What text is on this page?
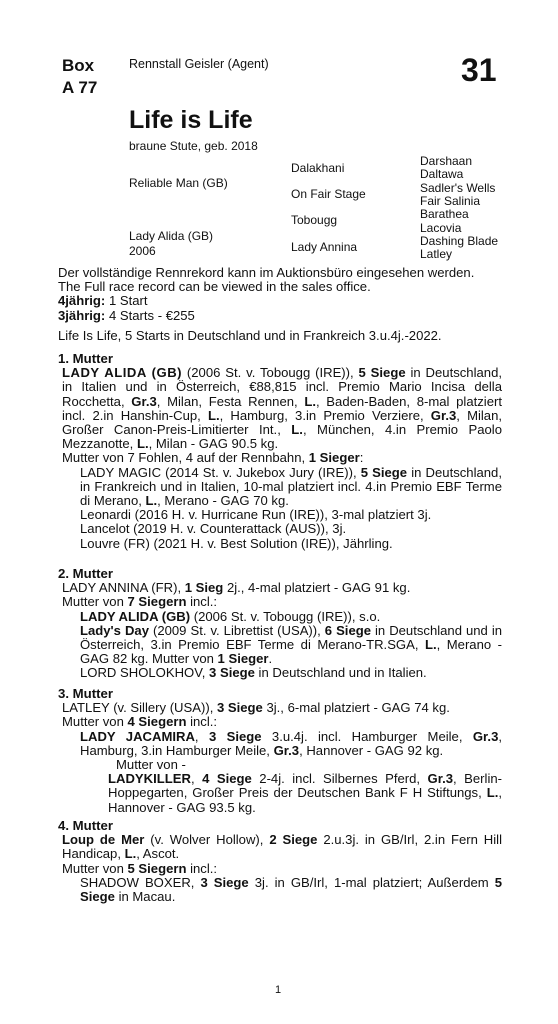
Box
A 77
Rennstall Geisler (Agent)	31
Life is Life
braune Stute, geb. 2018
Reliable Man (GB)
Lady Alida (GB)
2006
Dalakhani
On Fair Stage
Tobougg
Lady Annina
Darshaan
Daltawa
Sadler's Wells
Fair Salinia
Barathea
Lacovia
Dashing Blade
Latley

Der vollständige Rennrekord kann im Auktionsbüro eingesehen werden.

The Full race record can be viewed in the sales office.

4jährig: 1 Start

3jährig: 4 Starts - €255

Life Is Life, 5 Starts in Deutschland und in Frankreich 3.u.4j.-2022.

1. Mutter

LADY ALIDA (GB) (2006 St. v. Tobougg (IRE)), 5 Siege in Deutschland, in Italien und in Österreich, €88,815 incl. Premio Mario Incisa della Rocchetta, Gr.3, Milan, Festa Rennen, L., Baden-Baden, 8-mal platziert incl. 2.in Hanshin-Cup, L., Hamburg, 3.in Premio Verziere, Gr.3, Milan, Großer Canon-Preis-Limitierter Int., L., München, 4.in Premio Paolo Mezzanotte, L., Milan - GAG 90.5 kg.

Mutter von 7 Fohlen, 4 auf der Rennbahn, 1 Sieger:

LADY MAGIC (2014 St. v. Jukebox Jury (IRE)), 5 Siege in Deutschland, in Frankreich und in Italien, 10-mal platziert incl. 4.in Premio EBF Terme di Merano, L., Merano - GAG 70 kg.

Leonardi (2016 H. v. Hurricane Run (IRE)), 3-mal platziert 3j.

Lancelot (2019 H. v. Counterattack (AUS)), 3j.

Louvre (FR) (2021 H. v. Best Solution (IRE)), Jährling.

2. Mutter

LADY ANNINA (FR), 1 Sieg 2j., 4-mal platziert - GAG 91 kg.

Mutter von 7 Siegern incl.:

LADY ALIDA (GB) (2006 St. v. Tobougg (IRE)), s.o.

Lady's Day (2009 St. v. Librettist (USA)), 6 Siege in Deutschland und in Österreich, 3.in Premio EBF Terme di Merano-TR.SGA, L., Merano - GAG 82 kg. Mutter von 1 Sieger.

LORD SHOLOKHOV, 3 Siege in Deutschland und in Italien.

3. Mutter

LATLEY (v. Sillery (USA)), 3 Siege 3j., 6-mal platziert - GAG 74 kg.

Mutter von 4 Siegern incl.:

LADY JACAMIRA, 3 Siege 3.u.4j. incl. Hamburger Meile, Gr.3, Hamburg, 3.in Hamburger Meile, Gr.3, Hannover - GAG 92 kg.

Mutter von -

LADYKILLER, 4 Siege 2-4j. incl. Silbernes Pferd, Gr.3, Berlin-Hoppegarten, Großer Preis der Deutschen Bank F H Stiftungs, L., Hannover - GAG 93.5 kg.

4. Mutter

Loup de Mer (v. Wolver Hollow), 2 Siege 2.u.3j. in GB/Irl, 2.in Fern Hill Handicap, L., Ascot.

Mutter von 5 Siegern incl.:

SHADOW BOXER, 3 Siege 3j. in GB/Irl, 1-mal platziert; Außerdem 5 Siege in Macau.

1
